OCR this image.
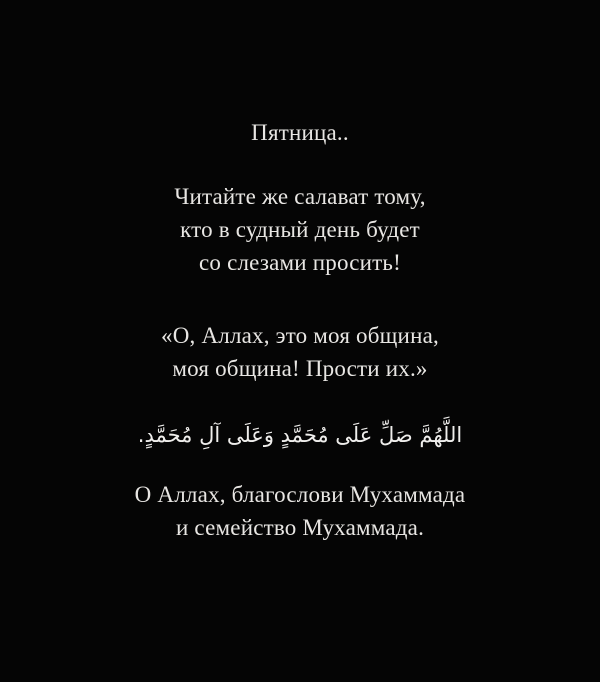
Пятница..
Читайте же салават тому,
кто в судный день будет
со слезами просить!
«О, Аллах, это моя община,
моя община! Прости их.»
اللَّهُمَّ صَلِّ عَلَى مُحَمَّدٍ وَعَلَى آلِ مُحَمَّدٍ.
О Аллах, благослови Мухаммада
и семейство Мухаммада.
